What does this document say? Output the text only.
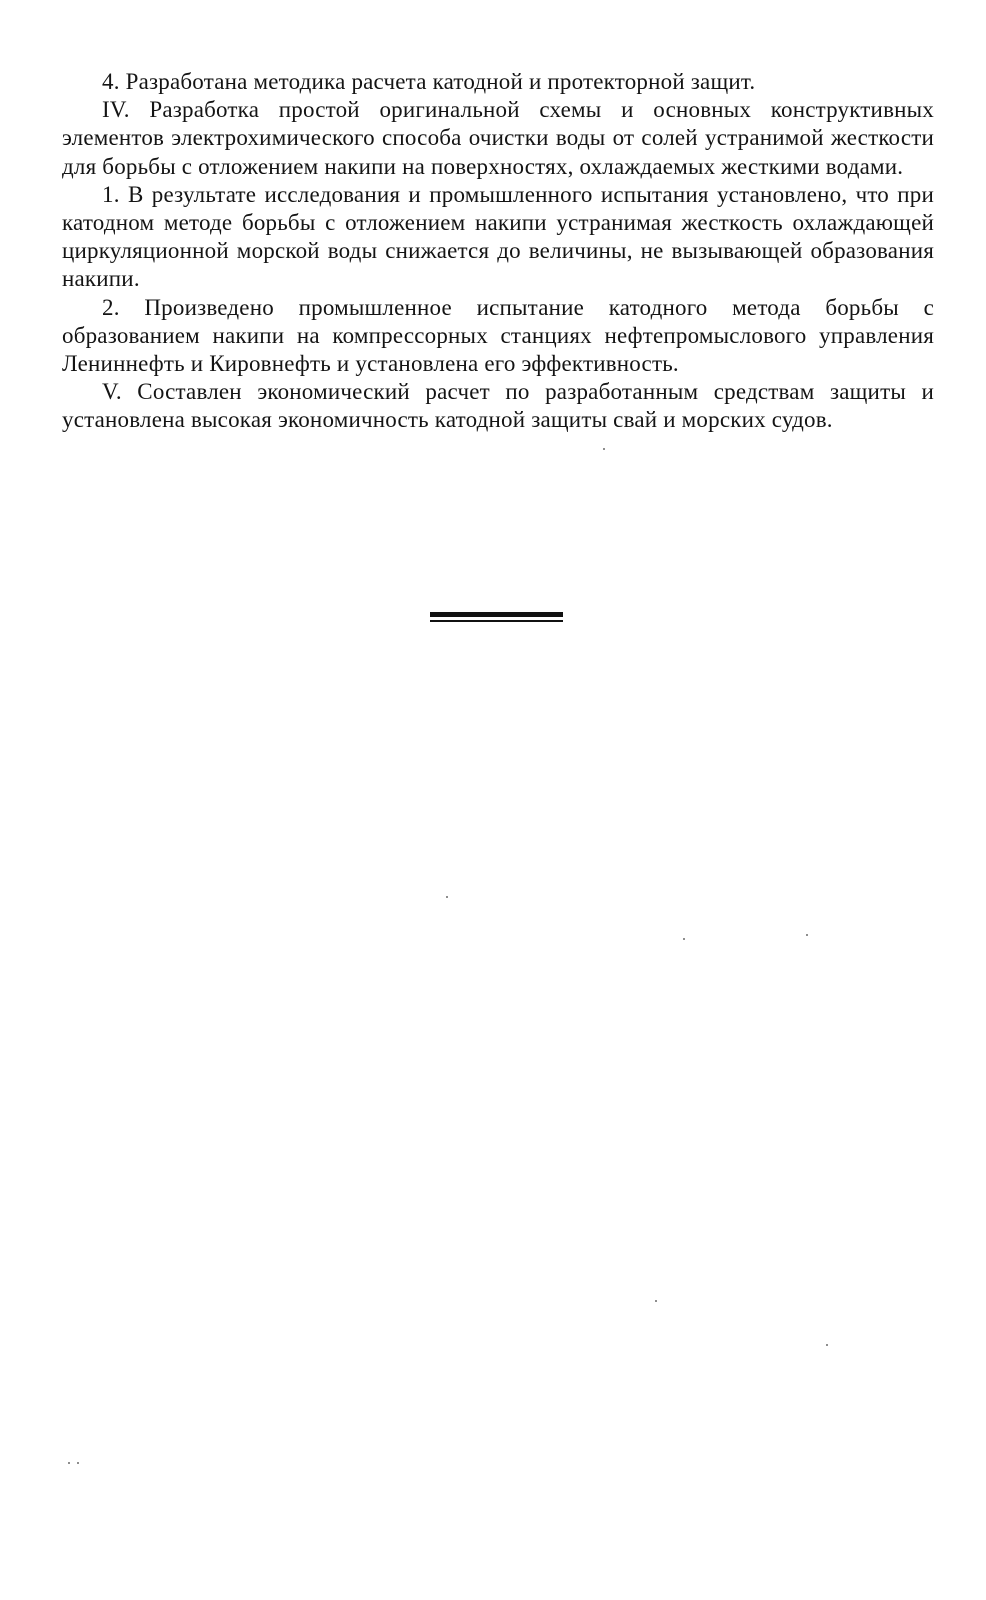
4. Разработана методика расчета катодной и протекторной защит.

IV. Разработка простой оригинальной схемы и основных конструктивных элементов электрохимического способа очистки воды от солей устранимой жесткости для борьбы с отложением накипи на поверхностях, охлаждаемых жесткими водами.

1. В результате исследования и промышленного испытания установлено, что при катодном методе борьбы с отложением накипи устранимая жесткость охлаждающей циркуляционной морской воды снижается до величины, не вызывающей образования накипи.

2. Произведено промышленное испытание катодного метода борьбы с образованием накипи на компрессорных станциях нефтепромыслового управления Лениннефть и Кировнефть и установлена его эффективность.

V. Составлен экономический расчет по разработанным средствам защиты и установлена высокая экономичность катодной защиты свай и морских судов.
